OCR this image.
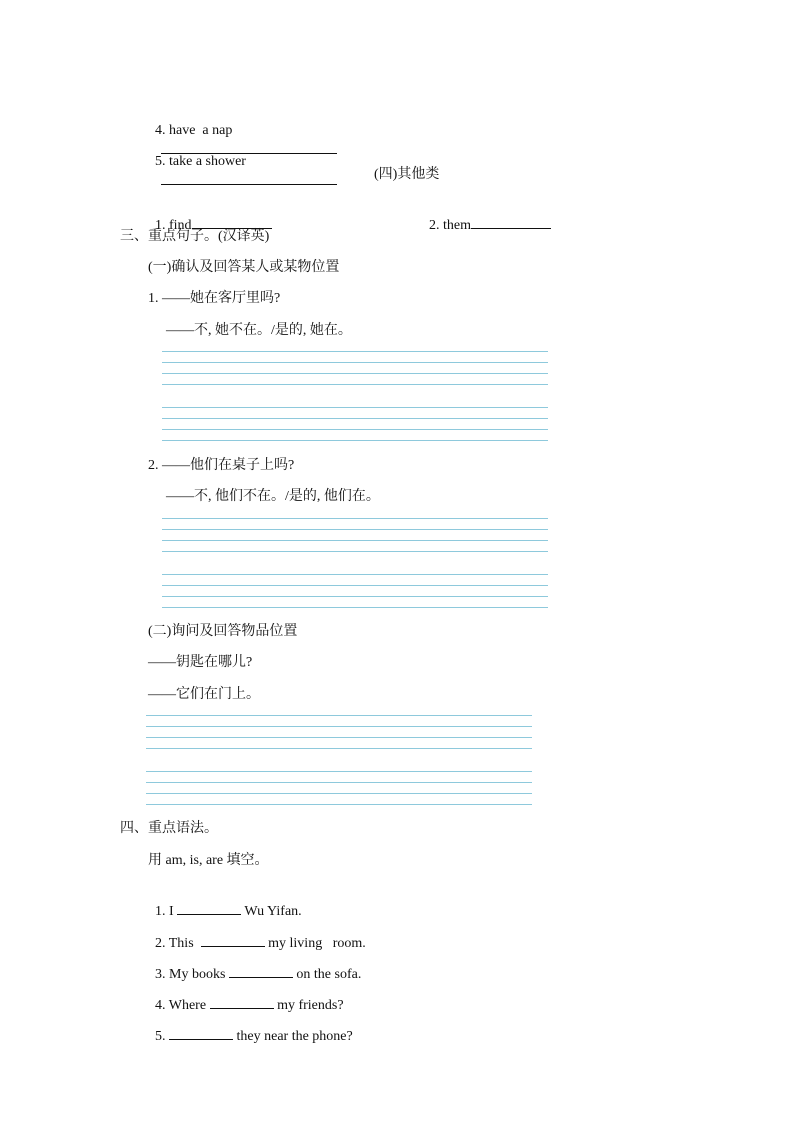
4. have  a nap

5. take a shower

(四)其他类

1. find	2. them

三、重点句子。(汉译英)
(一)确认及回答某人或某物位置
1. ——她在客厅里吗?
——不, 她不在。/是的, 她在。
2. ——他们在桌子上吗?
——不, 他们不在。/是的, 他们在。
(二)询问及回答物品位置
——钥匙在哪儿?
——它们在门上。
四、重点语法。
用 am, is, are 填空。

1. I	Wu Yifan.

2. This	my living   room.

3. My books	on the sofa.

4. Where	my friends?

5.	they near the phone?
